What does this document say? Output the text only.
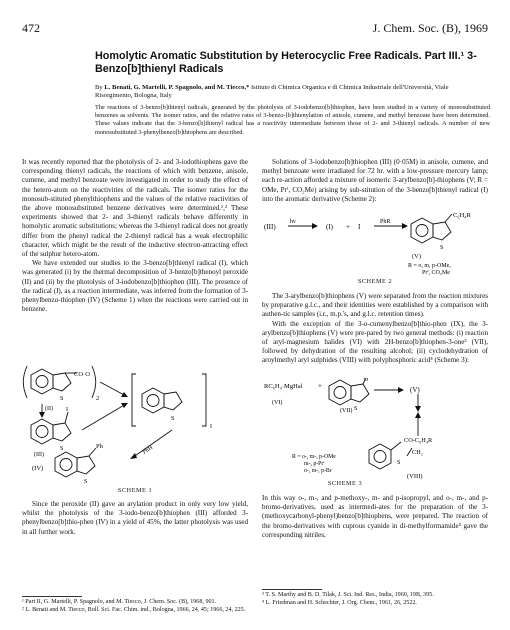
472	J. Chem. Soc. (B), 1969
Homolytic Aromatic Substitution by Heterocyclic Free Radicals. Part III.¹ 3-Benzo[b]thienyl Radicals
By L. Benati, G. Martelli, P. Spagnolo, and M. Tiecco,* Istituto di Chimica Organica e di Chimica Industriale dell'Università, Viale Risorgimento, Bologna, Italy
The reactions of 3-benzo[b]thienyl radicals, generated by the photolysis of 3-iodobenzo[b]thiophen, have been studied in a variety of monosubstituted benzenes as solvents. The isomer ratios, and the relative rates of 3-benzo-[b]thienylation of anisole, cumene, and methyl benzoate have been determined. These values indicate that the 3-benzo[b]thienyl radical has a reactivity intermediate between those of 2- and 3-thienyl radicals. A number of new monosubstituted 3-phenylbenzo[b]thiophens are described.

It was recently reported that the photolysis of 2- and 3-iodothiophens gave the corresponding thienyl radicals, the reactions of which with benzene, anisole, cumene, and methyl benzoate were investigated in order to study the effect of the hetero-atom on the reactivities of the radicals. The isomer ratios for the monosub-stituted phenylthiophens and the values of the relative reactivities of the above monosubstituted benzene derivatives were determined.¹,² These experiments showed that 2- and 3-thienyl radicals behave differently in homolytic aromatic substitutions; whereas the 3-thienyl radical does not greatly differ from the phenyl radical the 2-thienyl radical has a weak electrophilic character, which might be the result of the inductive electron-attracting effect of the sulphur hetero-atom.

We have extended our studies to the 3-benzo[b]thienyl radical (I), which was generated (i) by the thermal decomposition of 3-benzo[b]thenoyl peroxide (II) and (ii) by the photolysis of 3-iodobenzo[b]thiophen (III). The presence of the radical (I), as a reaction intermediate, was inferred from the formation of 3-phenylbenzo-thiophen (IV) (Scheme 1) when the reactions were carried out in benzene.

CO·O
2
S
(II)
S
I
(III)
S
I
Ph	PhH
S
(IV)
SCHEME 1

Since the peroxide (II) gave an arylation product in only very low yield, whilst the photolysis of the 3-iodo-benzo[b]thiophen (III) afforded 3-phenylbenzo[b]thio-phen (IV) in a yield of 45%, the latter photolysis was used in all further work.

¹ Part II, G. Martelli, P. Spagnolo, and M. Tiecco, J. Chem. Soc. (B), 1968, 901.
² L. Benati and M. Tiecco, Boll. Sci. Fac. Chim. ind., Bologna, 1966, 24, 45; 1966, 24, 225.

Solutions of 3-iodobenzo[b]thiophen (III) (0·05M) in anisole, cumene, and methyl benzoate were irradiated for 72 hr. with a low-pressure mercury lamp; each re-action afforded a mixture of isomeric 3-arylbenzo[b]-thiophens (V; R = OMe, Prⁱ, CO₂Me) arising by sub-stitution of the 3-benzo[b]thienyl radical (I) into the aromatic derivative (Scheme 2):

(III)
hν
(I) + I
PhR
S
C₆H₄R
(V)
R = o, m, p-OMe,
Prⁱ, CO₂Me
SCHEME 2

The 3-arylbenzo[b]thiophens (V) were separated from the reaction mixtures by preparative g.l.c., and their identities were established by a comparison with authen-tic samples (i.r., m.p.'s, and g.l.c. retention times).

With the exception of the 3-o-cumenylbenzo[b]thio-phen (IX), the 3-arylbenzo[b]thiophens (V) were pre-pared by two general methods: (i) reaction of aryl-magnesium halides (VI) with 2H-benzo[b]thiophen-3-one³ (VII), followed by dehydration of the resulting alcohol; (ii) cyclodehydration of aroylmethyl aryl sulphides (VIII) with polyphosphoric acid⁴ (Scheme 3):

RC₆H₄·MgHal +
(VI)
O
S
(VII)
(V)
CO-C₆H₄R
CH₂
S
(VIII)
R = o-, m-, p-OMe
m-, p-Prⁱ
o-, m-, p-Br
SCHEME 3

In this way o-, m-, and p-methoxy-, m- and p-isopropyl, and o-, m-, and p-bromo-derivatives, used as intermedi-ates for the preparation of the 3-(methoxycarbonyl-phenyl)benzo[b]thiophens, were prepared. The reaction of the bromo-derivatives with cuprous cyanide in di-methylformamide⁵ gave the corresponding nitriles,

³ T. S. Marthy and B. D. Tilak, J. Sci. Ind. Res., India, 1960, 19B, 395.
⁴ L. Friedman and H. Schechter, J. Org. Chem., 1961, 26, 2522.
